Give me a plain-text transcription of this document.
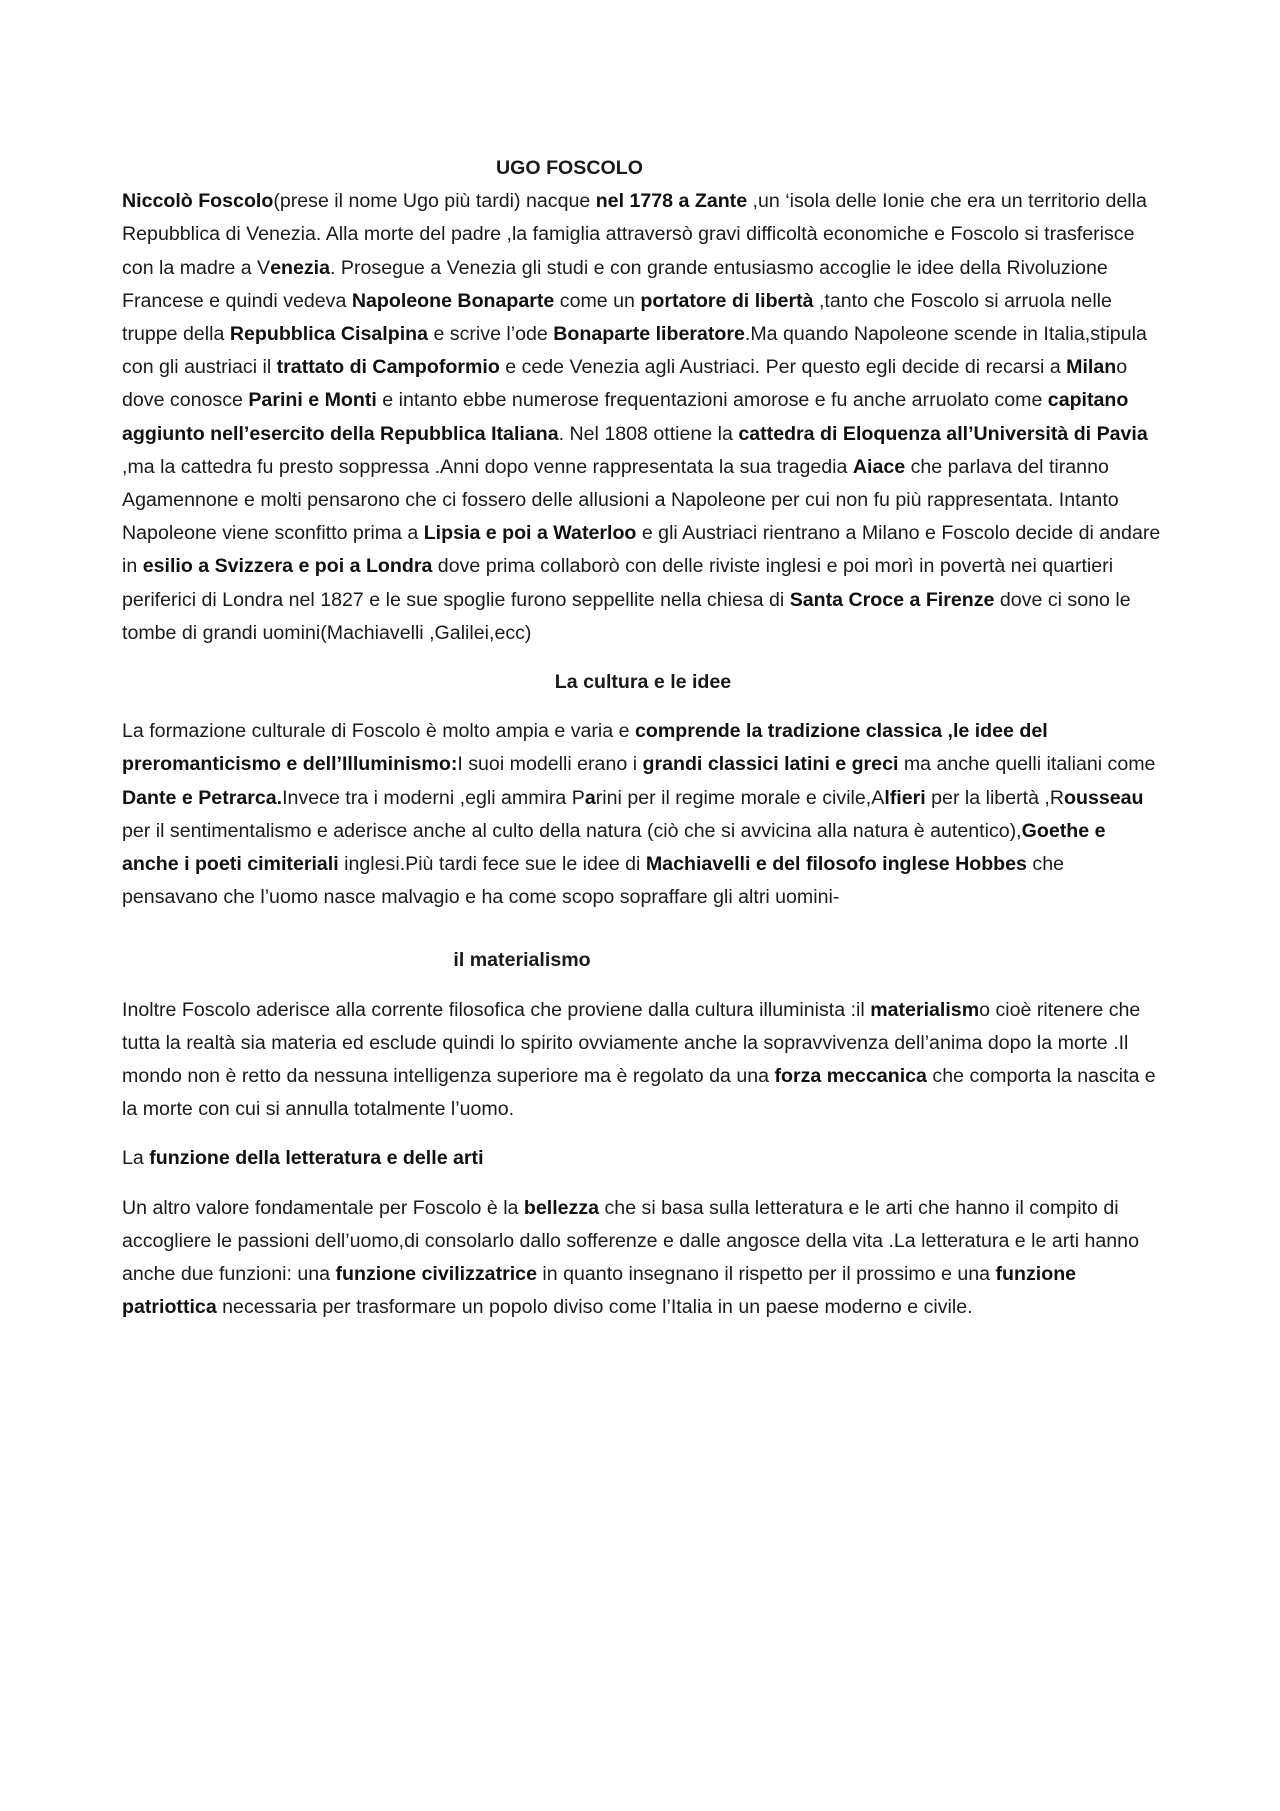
UGO FOSCOLO

Niccolò Foscolo(prese il nome Ugo più tardi) nacque nel 1778 a Zante ,un ‘isola delle Ionie che era un territorio della Repubblica di Venezia. Alla morte del padre ,la famiglia attraversò gravi difficoltà economiche e Foscolo si trasferisce con la madre a Venezia. Prosegue a Venezia gli studi e con grande entusiasmo accoglie le idee della Rivoluzione Francese e quindi vedeva Napoleone Bonaparte come un portatore di libertà ,tanto che Foscolo si arruola nelle truppe della Repubblica Cisalpina e scrive l’ode Bonaparte liberatore.Ma quando Napoleone scende in Italia,stipula con gli austriaci il trattato di Campoformio e cede Venezia agli Austriaci. Per questo egli decide di recarsi a Milano dove conosce Parini e Monti e intanto ebbe numerose frequentazioni amorose e fu anche arruolato come capitano aggiunto nell’esercito della Repubblica Italiana. Nel 1808 ottiene la cattedra di Eloquenza all’Università di Pavia ,ma la cattedra fu presto soppressa .Anni dopo venne rappresentata la sua tragedia Aiace che parlava del tiranno Agamennone e molti pensarono che ci fossero delle allusioni a Napoleone per cui non fu più rappresentata. Intanto Napoleone viene sconfitto prima a Lipsia e poi a Waterloo e gli Austriaci rientrano a Milano e Foscolo decide di andare in esilio a Svizzera e poi a Londra dove prima collaborò con delle riviste inglesi e poi morì in povertà nei quartieri periferici di Londra nel 1827 e le sue spoglie furono seppellite nella chiesa di Santa Croce a Firenze dove ci sono le tombe di grandi uomini(Machiavelli ,Galilei,ecc)

La cultura e le idee

La formazione culturale di Foscolo è molto ampia e varia e comprende la tradizione classica ,le idee del preromanticismo e dell’Illuminismo:I suoi modelli erano i grandi classici latini e greci ma anche quelli italiani come Dante e Petrarca.Invece tra i moderni ,egli ammira Parini per il regime morale e civile,Alfieri per la libertà ,Rousseau per il sentimentalismo e aderisce anche al culto della natura (ciò che si avvicina alla natura è autentico),Goethe e anche i poeti cimiteriali inglesi.Più tardi fece sue le idee di Machiavelli e del filosofo inglese Hobbes che pensavano che l’uomo nasce malvagio e ha come scopo sopraffare gli altri uomini-

il materialismo

Inoltre Foscolo aderisce alla corrente filosofica che proviene dalla cultura illuminista :il materialismo cioè ritenere che tutta la realtà sia materia ed esclude quindi lo spirito ovviamente anche la sopravvivenza dell’anima dopo la morte .Il mondo non è retto da nessuna intelligenza superiore ma è regolato da una forza meccanica che comporta la nascita e la morte con cui si annulla totalmente l’uomo.

La funzione della letteratura e delle arti

Un altro valore fondamentale per Foscolo è la bellezza che si basa sulla letteratura e le arti che hanno il compito di accogliere le passioni dell’uomo,di consolarlo dallo sofferenze e dalle angosce della vita .La letteratura e le arti hanno anche due funzioni: una funzione civilizzatrice in quanto insegnano il rispetto per il prossimo e una funzione patriottica necessaria per trasformare un popolo diviso come l’Italia in un paese moderno e civile.
